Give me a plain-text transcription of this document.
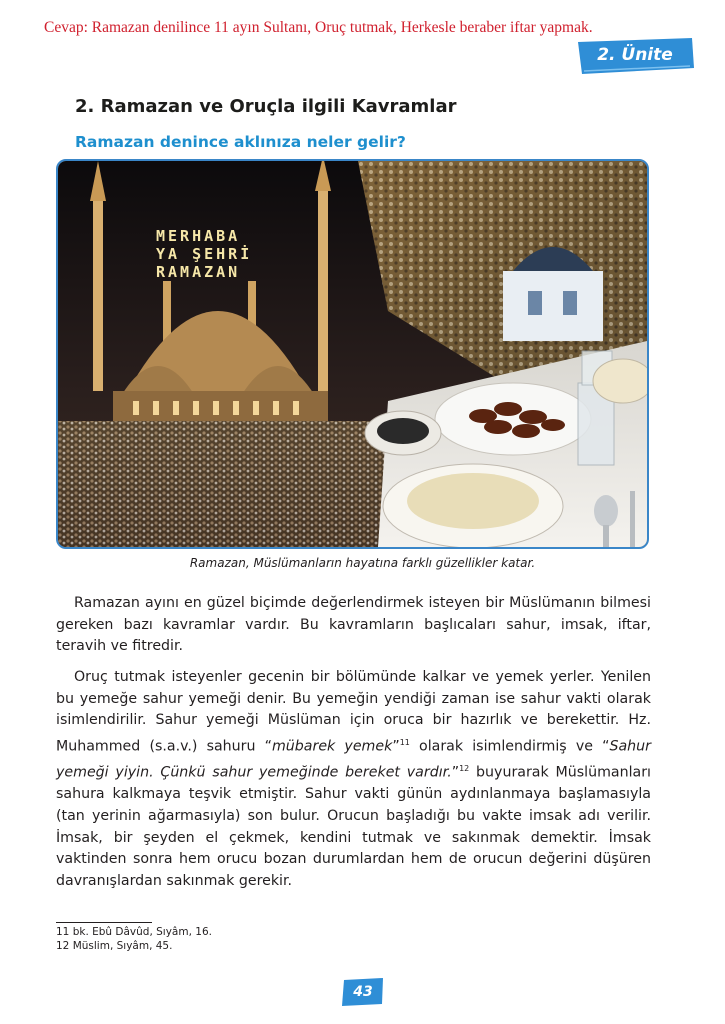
Cevap: Ramazan denilince 11 ayın Sultanı, Oruç tutmak, Herkesle beraber iftar yapmak.
2. Ünite
2. Ramazan ve Oruçla ilgili Kavramlar
Ramazan denince aklınıza neler gelir?
MERHABA
YA ŞEHRİ
RAMAZAN
Ramazan, Müslümanların hayatına farklı güzellikler katar.

Ramazan ayını en güzel biçimde değerlendirmek isteyen bir Müslümanın bilmesi gereken bazı kavramlar vardır. Bu kavramların başlıcaları sahur, imsak, iftar, teravih ve fitredir.

Oruç tutmak isteyenler gecenin bir bölümünde kalkar ve yemek yerler. Yenilen bu yemeğe sahur yemeği denir. Bu yemeğin yendiği zaman ise sahur vakti olarak isimlendirilir. Sahur yemeği Müslüman için oruca bir hazırlık ve berekettir. Hz. Muhammed (s.a.v.) sahuru “mübarek yemek”$^{11}$ olarak isimlendirmiş ve “Sahur yemeği yiyin. Çünkü sahur yemeğinde bereket vardır.”$^{12}$ buyurarak Müslümanları sahura kalkmaya teşvik etmiştir. Sahur vakti günün aydınlanmaya başlamasıyla (tan yerinin ağarmasıyla) son bulur. Orucun başladığı bu vakte imsak adı verilir. İmsak, bir şeyden el çekmek, kendini tutmak ve sakınmak demektir. İmsak vaktinden sonra hem orucu bozan durumlardan hem de orucun değerini düşüren davranışlardan sakınmak gerekir.

11 bk. Ebû Dâvûd, Sıyâm, 16.
12 Müslim, Sıyâm, 45.
43
